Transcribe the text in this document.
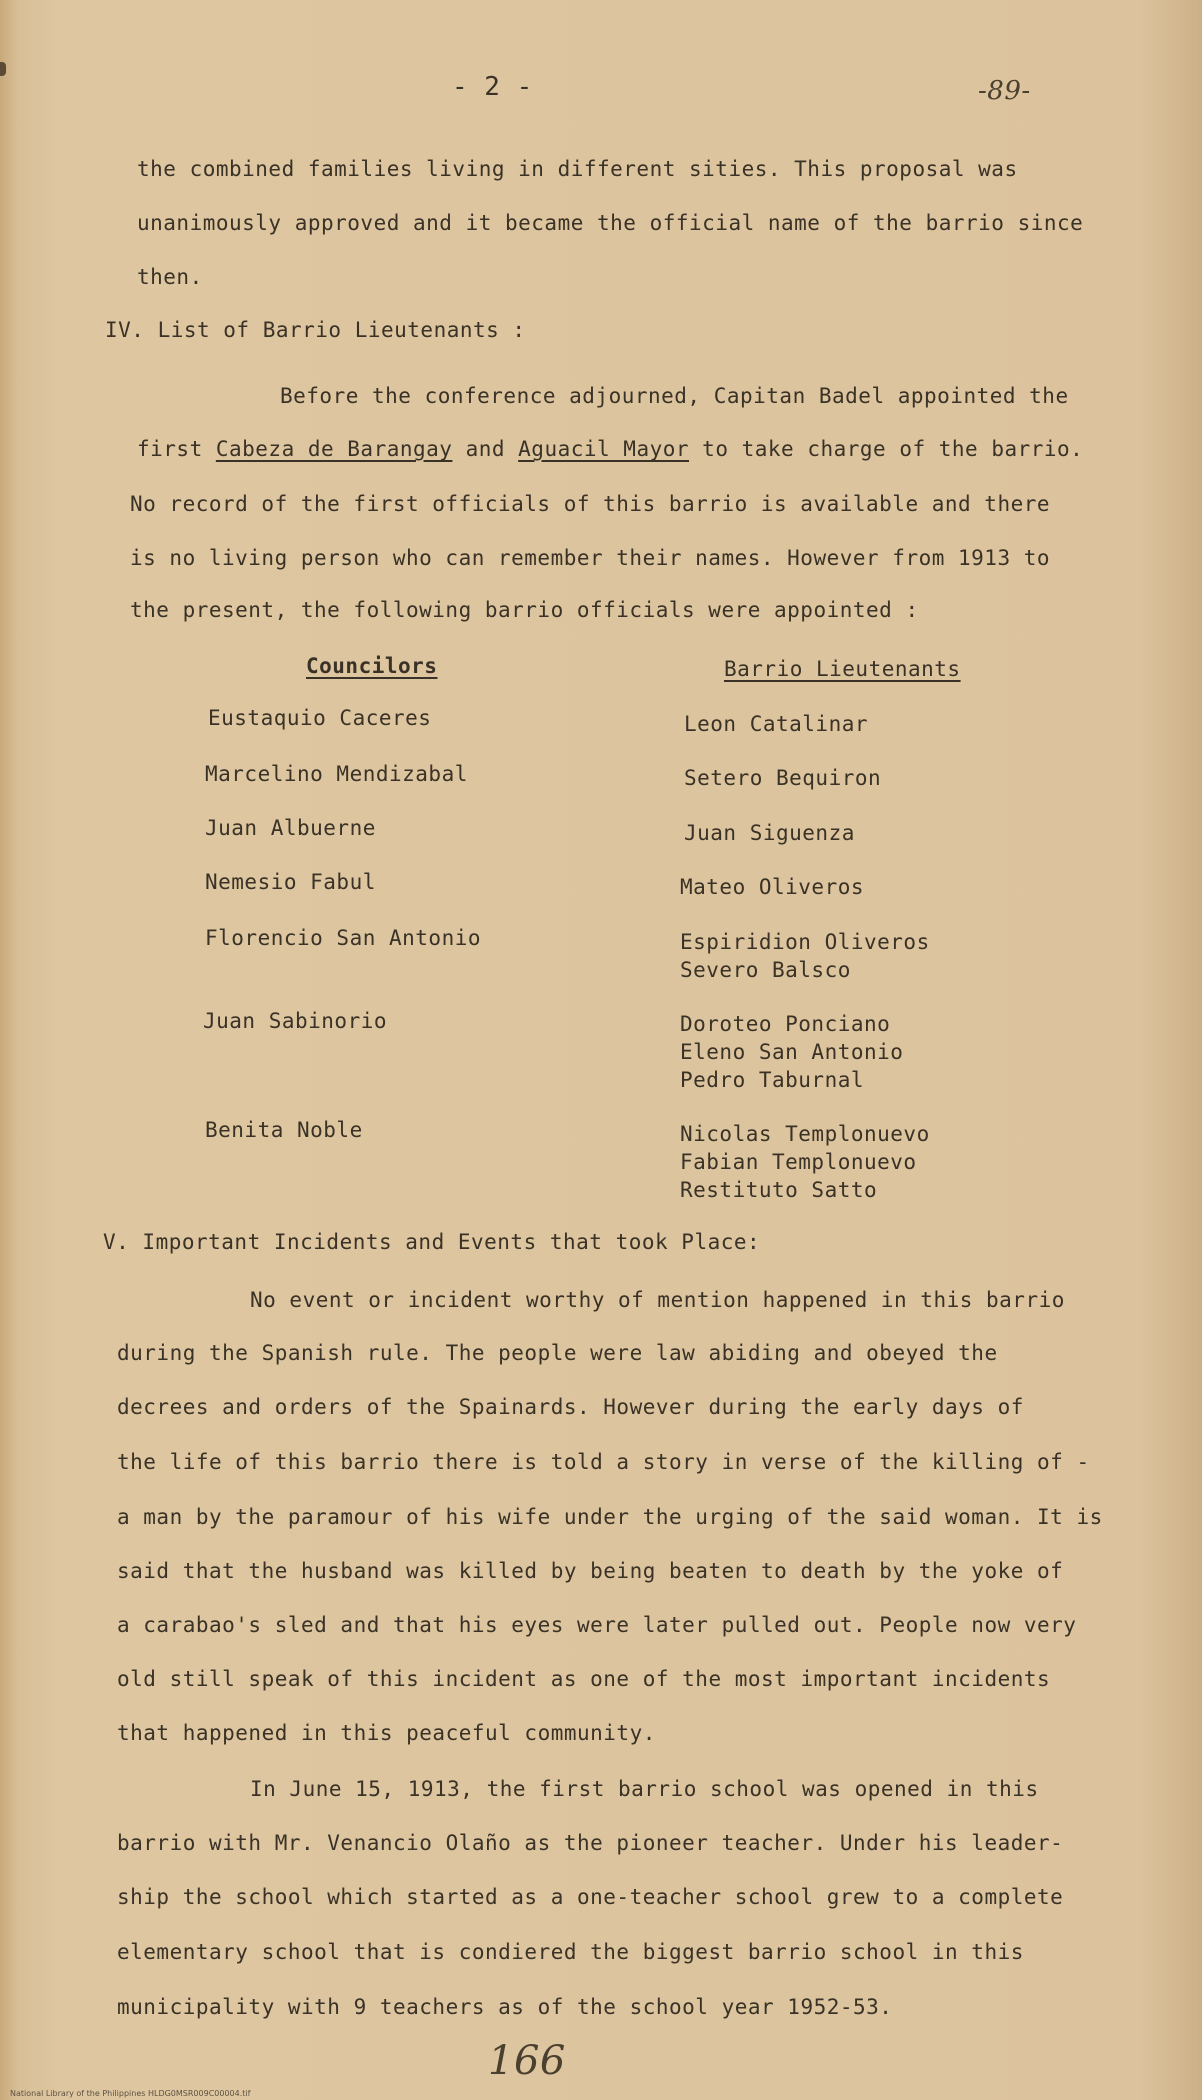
- 2 -	-89-
the combined families living in different sities. This proposal was
unanimously approved and it became the official name of the barrio since
then.
IV. List of Barrio Lieutenants :
Before the conference adjourned, Capitan Badel appointed the
first Cabeza de Barangay and Aguacil Mayor to take charge of the barrio.
No record of the first officials of this barrio is available and there
is no living person who can remember their names. However from 1913 to
the present, the following barrio officials were appointed :
Councilors	Barrio Lieutenants
Eustaquio Caceres
Marcelino Mendizabal
Juan Albuerne
Nemesio Fabul
Florencio San Antonio
Juan Sabinorio
Benita Noble
Leon Catalinar
Setero Bequiron
Juan Siguenza
Mateo Oliveros
Espiridion Oliveros
Severo Balsco
Doroteo Ponciano
Eleno San Antonio
Pedro Taburnal
Nicolas Templonuevo
Fabian Templonuevo
Restituto Satto
V. Important Incidents and Events that took Place:
No event or incident worthy of mention happened in this barrio
during the Spanish rule. The people were law abiding and obeyed the
decrees and orders of the Spainards. However during the early days of
the life of this barrio there is told a story in verse of the killing of -
a man by the paramour of his wife under the urging of the said woman. It is
said that the husband was killed by being beaten to death by the yoke of
a carabao's sled and that his eyes were later pulled out. People now very
old still speak of this incident as one of the most important incidents
that happened in this peaceful community.
In June 15, 1913, the first barrio school was opened in this
barrio with Mr. Venancio Olaño as the pioneer teacher. Under his leader-
ship the school which started as a one-teacher school grew to a complete
elementary school that is condiered the biggest barrio school in this
municipality with 9 teachers as of the school year 1952-53.
166
National Library of the Philippines HLDG0MSR009C00004.tif
